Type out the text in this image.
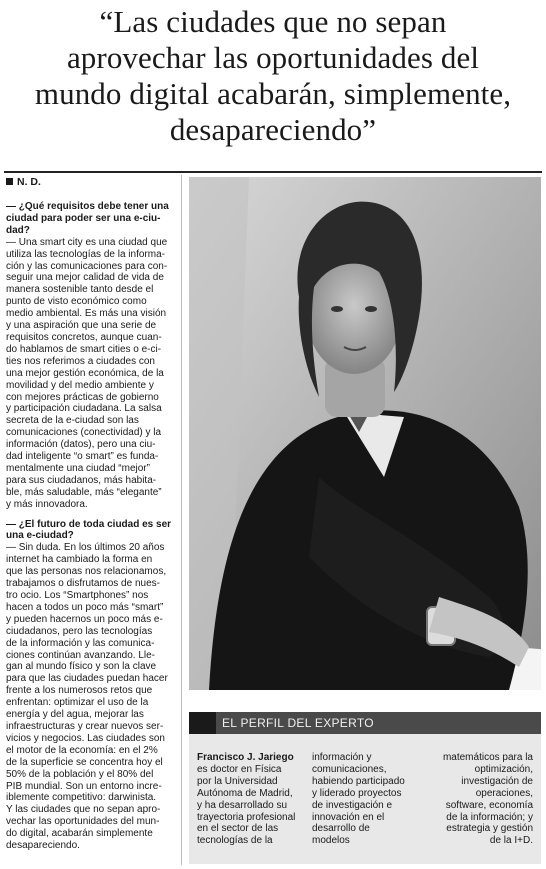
“Las ciudades que no sepan
aprovechar las oportunidades del
mundo digital acabarán, simplemente,
desapareciendo”
N. D.
— ¿Qué requisitos debe tener una
ciudad para poder ser una e-ciu-
dad?
— Una smart city es una ciudad que
utiliza las tecnologías de la informa-
ción y las comunicaciones para con-
seguir una mejor calidad de vida de
manera sostenible tanto desde el
punto de visto económico como
medio ambiental. Es más una visión
y una aspiración que una serie de
requisitos concretos, aunque cuan-
do hablamos de smart cities o e-ci-
ties nos referimos a ciudades con
una mejor gestión económica, de la
movilidad y del medio ambiente y
con mejores prácticas de gobierno
y participación ciudadana. La salsa
secreta de la e-ciudad son las
comunicaciones (conectividad) y la
información (datos), pero una ciu-
dad inteligente “o smart” es funda-
mentalmente una ciudad “mejor”
para sus ciudadanos, más habita-
ble, más saludable, más “elegante”
y más innovadora.
— ¿El futuro de toda ciudad es ser
una e-ciudad?
— Sin duda. En los últimos 20 años
internet ha cambiado la forma en
que las personas nos relacionamos,
trabajamos o disfrutamos de nues-
tro ocio. Los “Smartphones” nos
hacen a todos un poco más “smart”
y pueden hacernos un poco más e-
ciudadanos, pero las tecnologías
de la información y las comunica-
ciones continúan avanzando. Lle-
gan al mundo físico y son la clave
para que las ciudades puedan hacer
frente a los numerosos retos que
enfrentan: optimizar el uso de la
energía y del agua, mejorar las
infraestructuras y crear nuevos ser-
vicios y negocios. Las ciudades son
el motor de la economía: en el 2%
de la superficie se concentra hoy el
50% de la población y el 80% del
PIB mundial. Son un entorno incre-
iblemente competitivo: darwinista.
Y las ciudades que no sepan apro-
vechar las oportunidades del mun-
do digital, acabarán simplemente
desapareciendo.
EL PERFIL DEL EXPERTO
Francisco J. Jariego
es doctor en Física
por la Universidad
Autónoma de Madrid,
y ha desarrollado su
trayectoria profesional
en el sector de las
tecnologías de la
información y
comunicaciones,
habiendo participado
y liderado proyectos
de investigación e
innovación en el
desarrollo de
modelos
matemáticos para la
optimización,
investigación de
operaciones,
software, economía
de la información; y
estrategia y gestión
de la I+D.
